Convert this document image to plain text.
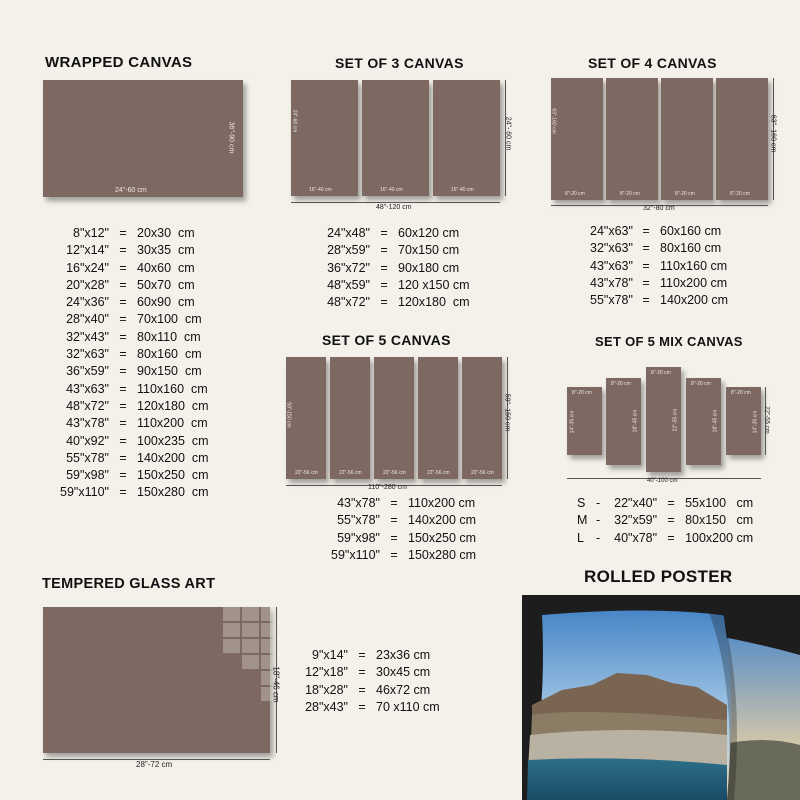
WRAPPED CANVAS
24"-60 cm
36"-90 cm
8"x12" = 20x30  cm
12"x14" = 30x35  cm
16"x24" = 40x60  cm
20"x28" = 50x70  cm
24"x36" = 60x90  cm
28"x40" = 70x100  cm
32"x43" = 80x110  cm
32"x63" = 80x160  cm
36"x59" = 90x150  cm
43"x63" = 110x160  cm
48"x72" = 120x180  cm
43"x78" = 110x200  cm
40"x92" = 100x235  cm
55"x78" = 140x200  cm
59"x98" = 150x250  cm
59"x110" = 150x280  cm
SET OF 3 CANVAS
24"-60 cm
16"-40 cm	16"-40 cm	16"-40 cm
48"-120 cm
24"- 60 cm
24"x48" = 60x120 cm
28"x59" = 70x150 cm
36"x72" = 90x180 cm
48"x59" = 120 x150 cm
48"x72" = 120x180  cm
SET OF 4 CANVAS
63"-160 cm
8"-20 cm	8"-20 cm	8"-20 cm	8"-20 cm
32"-80 cm
63"- 160 cm
24"x63" = 60x160 cm
32"x63" = 80x160 cm
43"x63" = 110x160 cm
43"x78" = 110x200 cm
55"x78" = 140x200 cm
SET OF 5 CANVAS
59"-150 cm
22"-56 cm	22"-56 cm	22"-56 cm	22"-56 cm	22"-56 cm
110"-280 cm
59"- 150 cm
43"x78" = 110x200 cm
55"x78" = 140x200 cm
59"x98" = 150x250 cm
59"x110" = 150x280 cm
SET OF 5 MIX CANVAS
8"-20 cm
14"-35 cm
8"-20 cm
18"-45 cm
8"-20 cm
22"-55 cm
8"-20 cm
18"-45 cm
8"-20 cm
14"-35 cm
40"-100 cm
22"-55 cm
S - 22"x40" = 55x100   cm
M - 32"x59" = 80x150   cm
L - 40"x78" = 100x200 cm
TEMPERED GLASS ART
28"-72 cm
18"-46 cm
9"x14" = 23x36 cm
12"x18" = 30x45 cm
18"x28" = 46x72 cm
28"x43" = 70 x110 cm
ROLLED POSTER
